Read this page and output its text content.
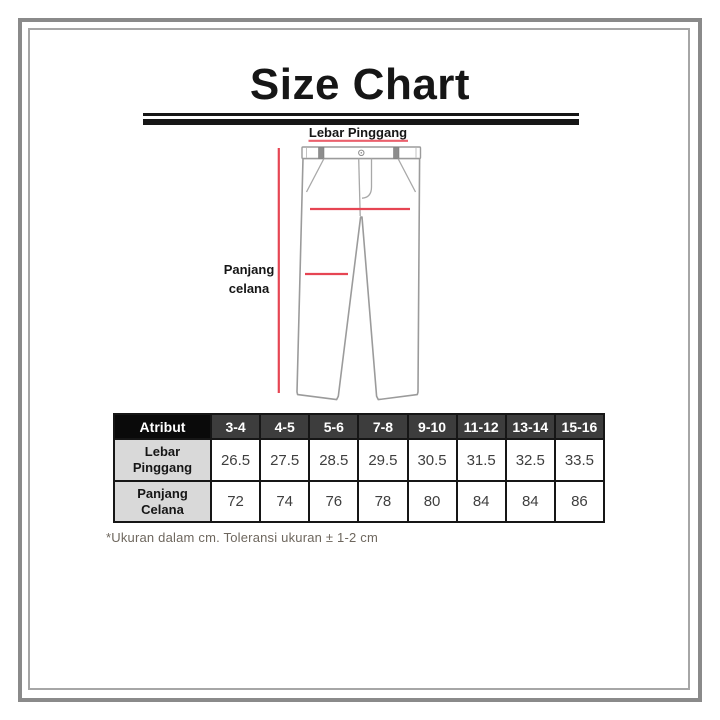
Size Chart
Lebar Pinggang
Panjang
celana
Atribut	3-4	4-5	5-6	7-8	9-10	11-12	13-14	15-16
Lebar Pinggang	26.5	27.5	28.5	29.5	30.5	31.5	32.5	33.5
Panjang Celana	72	74	76	78	80	84	84	86
*Ukuran dalam cm. Toleransi ukuran ± 1-2 cm
